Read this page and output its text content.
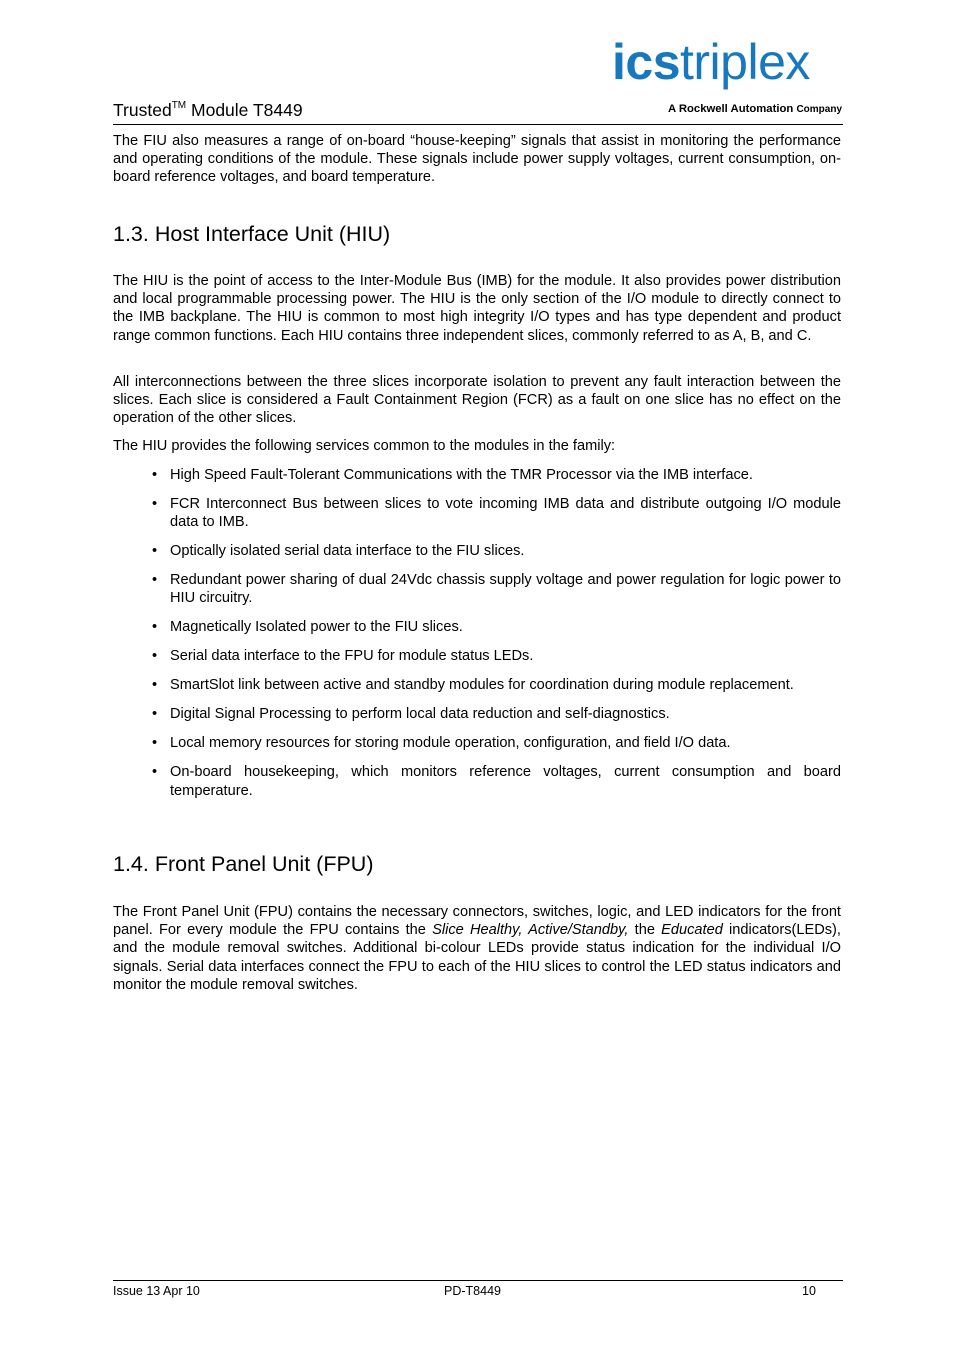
Trusted™ Module T8449
icstriplex
A Rockwell Automation Company
The FIU also measures a range of on-board “house-keeping” signals that assist in monitoring the performance and operating conditions of the module. These signals include power supply voltages, current consumption, on-board reference voltages, and board temperature.
1.3. Host Interface Unit (HIU)
The HIU is the point of access to the Inter-Module Bus (IMB) for the module. It also provides power distribution and local programmable processing power. The HIU is the only section of the I/O module to directly connect to the IMB backplane. The HIU is common to most high integrity I/O types and has type dependent and product range common functions. Each HIU contains three independent slices, commonly referred to as A, B, and C.
All interconnections between the three slices incorporate isolation to prevent any fault interaction between the slices. Each slice is considered a Fault Containment Region (FCR) as a fault on one slice has no effect on the operation of the other slices.
The HIU provides the following services common to the modules in the family:
• High Speed Fault-Tolerant Communications with the TMR Processor via the IMB interface.
• FCR Interconnect Bus between slices to vote incoming IMB data and distribute outgoing I/O module data to IMB.
• Optically isolated serial data interface to the FIU slices.
• Redundant power sharing of dual 24Vdc chassis supply voltage and power regulation for logic power to HIU circuitry.
• Magnetically Isolated power to the FIU slices.
• Serial data interface to the FPU for module status LEDs.
• SmartSlot link between active and standby modules for coordination during module replacement.
• Digital Signal Processing to perform local data reduction and self-diagnostics.
• Local memory resources for storing module operation, configuration, and field I/O data.
• On-board housekeeping, which monitors reference voltages, current consumption and board temperature.
1.4. Front Panel Unit (FPU)
The Front Panel Unit (FPU) contains the necessary connectors, switches, logic, and LED indicators for the front panel. For every module the FPU contains the Slice Healthy, Active/Standby, the Educated indicators(LEDs), and the module removal switches. Additional bi-colour LEDs provide status indication for the individual I/O signals. Serial data interfaces connect the FPU to each of the HIU slices to control the LED status indicators and monitor the module removal switches.
Issue 13 Apr 10	PD-T8449	10
